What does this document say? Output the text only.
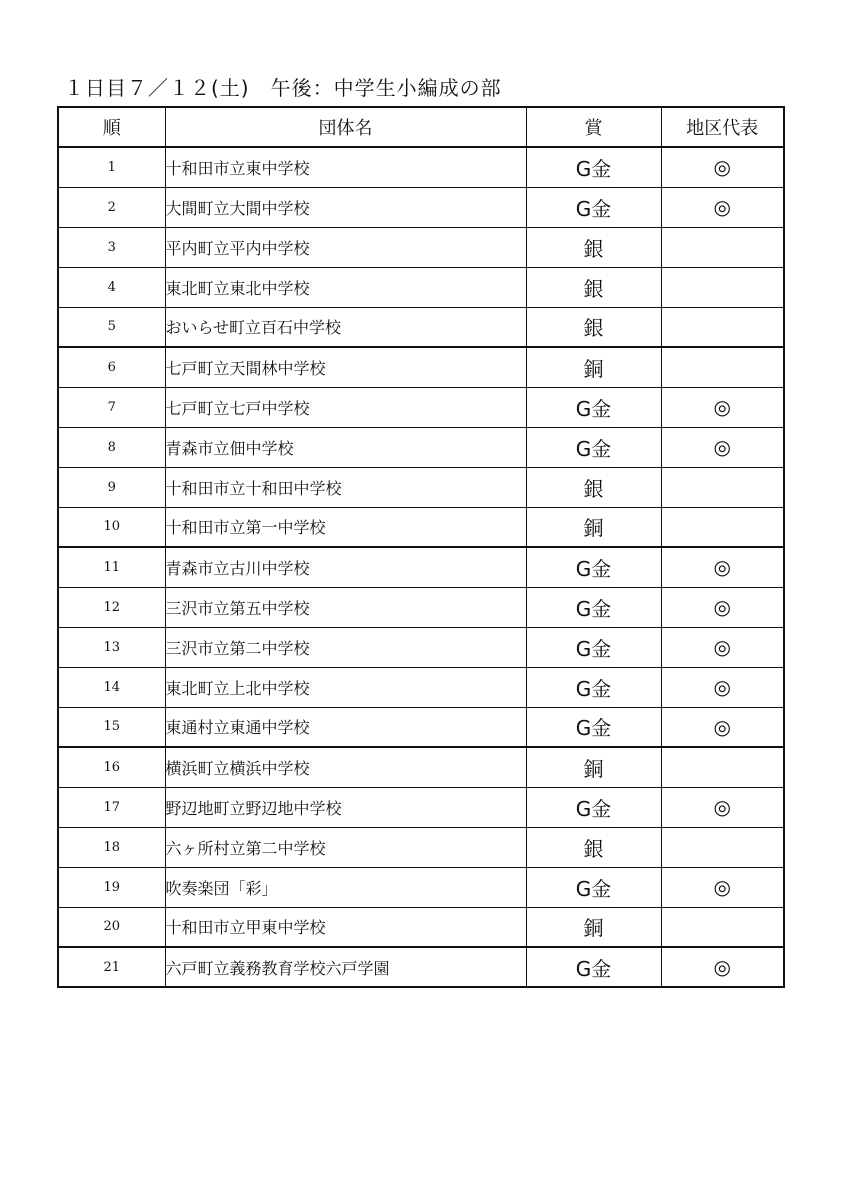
１日目７／１２(土)　午後：中学生小編成の部
順	団体名	賞	地区代表
1	十和田市立東中学校	G金	◎
2	大間町立大間中学校	G金	◎
3	平内町立平内中学校	銀	
4	東北町立東北中学校	銀	
5	おいらせ町立百石中学校	銀	
6	七戸町立天間林中学校	銅	
7	七戸町立七戸中学校	G金	◎
8	青森市立佃中学校	G金	◎
9	十和田市立十和田中学校	銀	
10	十和田市立第一中学校	銅	
11	青森市立古川中学校	G金	◎
12	三沢市立第五中学校	G金	◎
13	三沢市立第二中学校	G金	◎
14	東北町立上北中学校	G金	◎
15	東通村立東通中学校	G金	◎
16	横浜町立横浜中学校	銅	
17	野辺地町立野辺地中学校	G金	◎
18	六ヶ所村立第二中学校	銀	
19	吹奏楽団「彩」	G金	◎
20	十和田市立甲東中学校	銅	
21	六戸町立義務教育学校六戸学園	G金	◎
